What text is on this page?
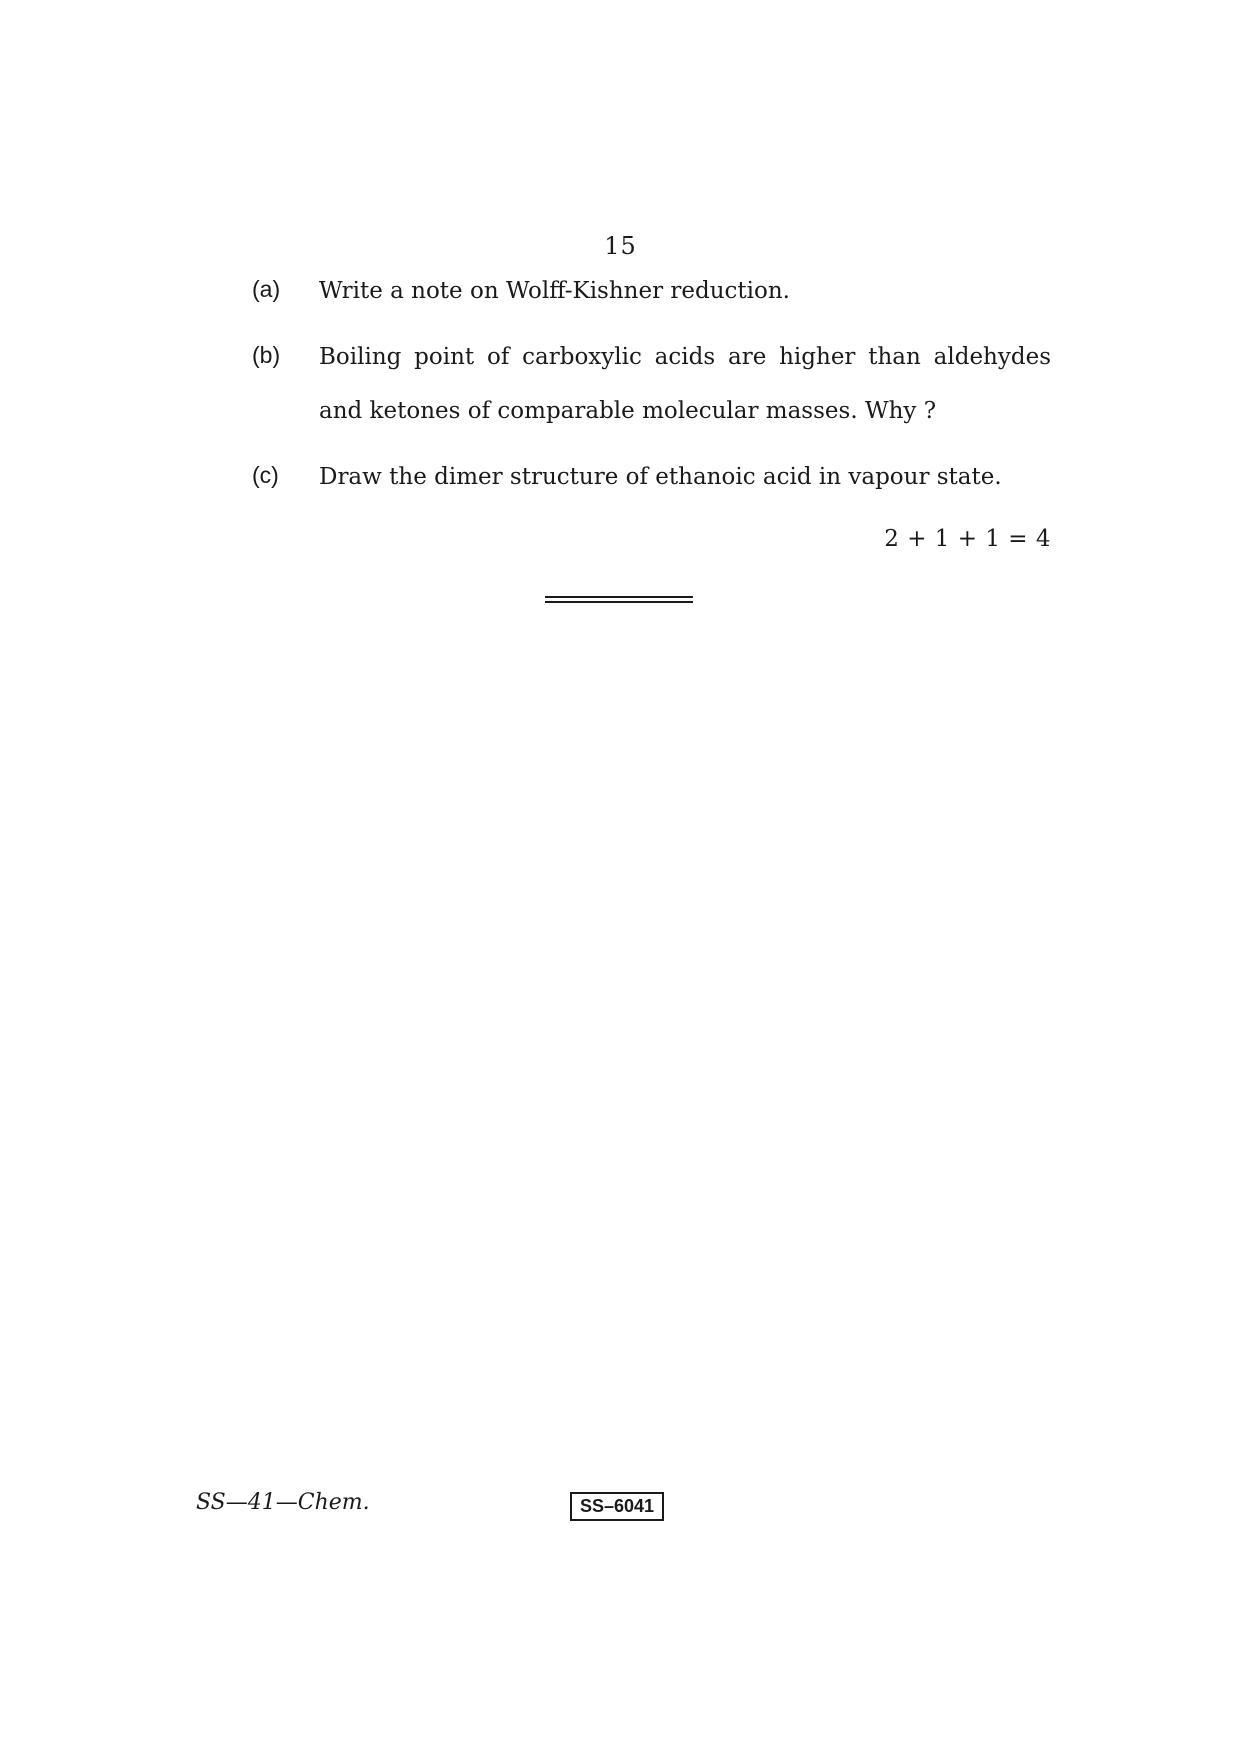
15
(a) Write a note on Wolff-Kishner reduction.
(b) Boiling point of carboxylic acids are higher than aldehydes and ketones of comparable molecular masses. Why ?
(c) Draw the dimer structure of ethanoic acid in vapour state.
2 + 1 + 1 = 4
SS—41—Chem.	SS–6041
